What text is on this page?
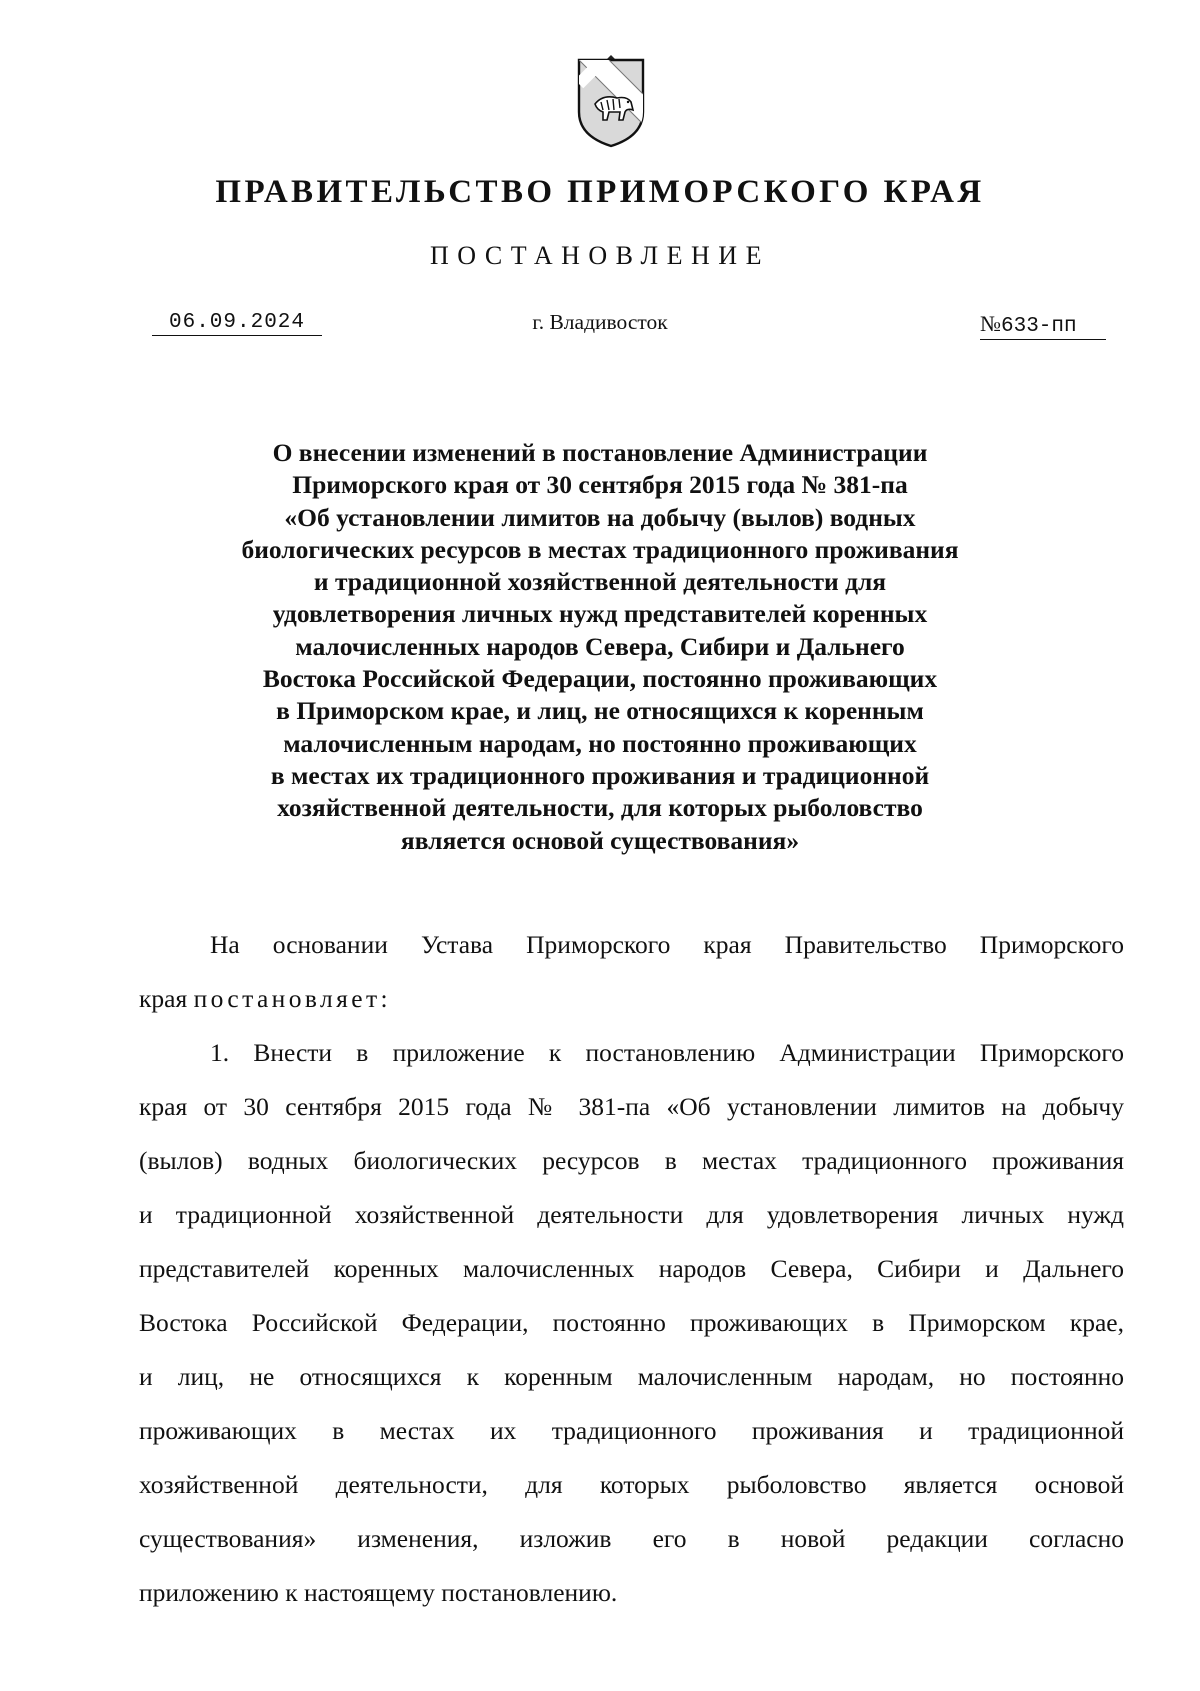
ПРАВИТЕЛЬСТВО ПРИМОРСКОГО КРАЯ
ПОСТАНОВЛЕНИЕ
06.09.2024	г. Владивосток	№633-пп
О внесении изменений в постановление Администрации
Приморского края от 30 сентября 2015 года № 381-па
«Об установлении лимитов на добычу (вылов) водных
биологических ресурсов в местах традиционного проживания
и традиционной хозяйственной деятельности для
удовлетворения личных нужд представителей коренных
малочисленных народов Севера, Сибири и Дальнего
Востока Российской Федерации, постоянно проживающих
в Приморском крае, и лиц, не относящихся к коренным
малочисленным народам, но постоянно проживающих
в местах их традиционного проживания и традиционной
хозяйственной деятельности, для которых рыболовство
является основой существования»
На основании Устава Приморского края Правительство Приморского
края постановляет:
1. Внести в приложение к постановлению Администрации Приморского
края от 30 сентября 2015 года № 381-па «Об установлении лимитов на добычу
(вылов) водных биологических ресурсов в местах традиционного проживания
и традиционной хозяйственной деятельности для удовлетворения личных нужд
представителей коренных малочисленных народов Севера, Сибири и Дальнего
Востока Российской Федерации, постоянно проживающих в Приморском крае,
и лиц, не относящихся к коренным малочисленным народам, но постоянно
проживающих в местах их традиционного проживания и традиционной
хозяйственной деятельности, для которых рыболовство является основой
существования» изменения, изложив его в новой редакции согласно
приложению к настоящему постановлению.
